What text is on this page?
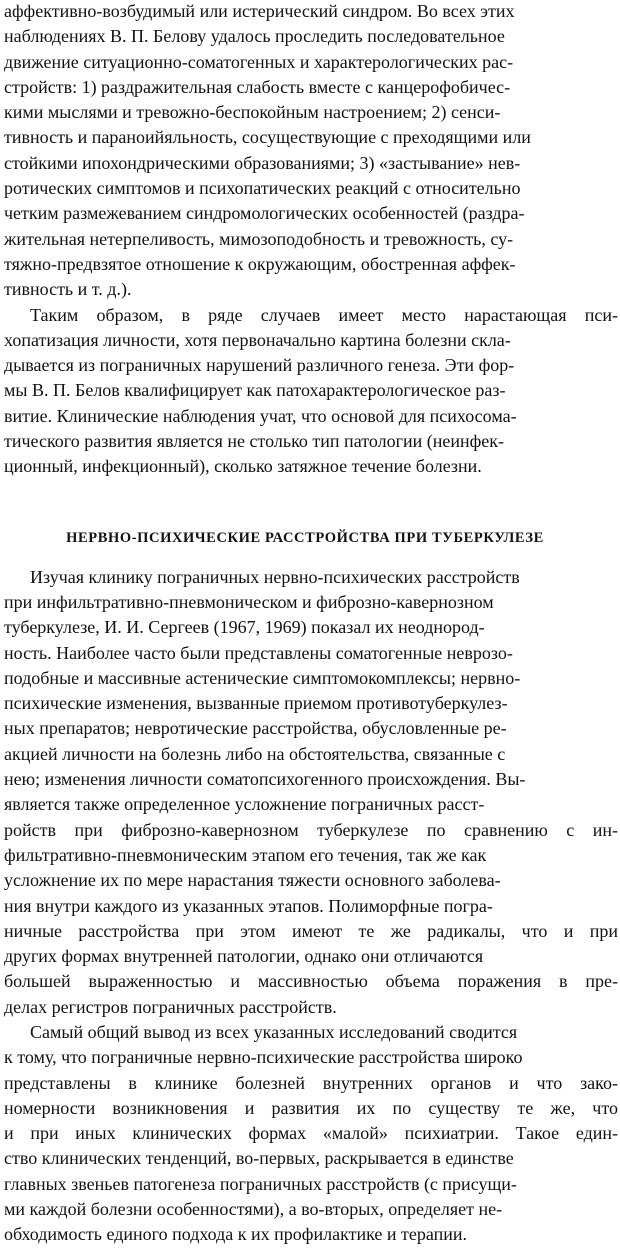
аффективно-возбудимый или истерический синдром. Во всех этих
наблюдениях В. П. Белову удалось проследить последовательное
движение ситуационно-соматогенных и характерологических рас-
стройств: 1) раздражительная слабость вместе с канцерофобичес-
кими мыслями и тревожно-беспокойным настроением; 2) сенси-
тивность и параноийяльность, сосуществующие с преходящими или
стойкими ипохондрическими образованиями; 3) «застывание» нев-
ротических симптомов и психопатических реакций с относительно
четким размежеванием синдромологических особенностей (раздра-
жительная нетерпеливость, мимозоподобность и тревожность, су-
тяжно-предвзятое отношение к окружающим, обостренная аффек-
тивность и т. д.).
Таким образом, в ряде случаев имеет место нарастающая пси-
хопатизация личности, хотя первоначально картина болезни скла-
дывается из пограничных нарушений различного генеза. Эти фор-
мы В. П. Белов квалифицирует как патохарактерологическое раз-
витие. Клинические наблюдения учат, что основой для психосома-
тического развития является не столько тип патологии (неинфек-
ционный, инфекционный), сколько затяжное течение болезни.
НЕРВНО-ПСИХИЧЕСКИЕ РАССТРОЙСТВА ПРИ ТУБЕРКУЛЕЗЕ
Изучая клинику пограничных нервно-психических расстройств
при инфильтративно-пневмоническом и фиброзно-кавернозном
туберкулезе, И. И. Сергеев (1967, 1969) показал их неоднород-
ность. Наиболее часто были представлены соматогенные неврозо-
подобные и массивные астенические симптомокомплексы; нервно-
психические изменения, вызванные приемом противотуберкулез-
ных препаратов; невротические расстройства, обусловленные ре-
акцией личности на болезнь либо на обстоятельства, связанные с
нею; изменения личности соматопсихогенного происхождения. Вы-
является также определенное усложнение пограничных расст-
ройств при фиброзно-кавернозном туберкулезе по сравнению с ин-
фильтративно-пневмоническим этапом его течения, так же как
усложнение их по мере нарастания тяжести основного заболева-
ния внутри каждого из указанных этапов. Полиморфные погра-
ничные расстройства при этом имеют те же радикалы, что и при
других формах внутренней патологии, однако они отличаются
большей выраженностью и массивностью объема поражения в пре-
делах регистров пограничных расстройств.
Самый общий вывод из всех указанных исследований сводится
к тому, что пограничные нервно-психические расстройства широко
представлены в клинике болезней внутренних органов и что зако-
номерности возникновения и развития их по существу те же, что
и при иных клинических формах «малой» психиатрии. Такое един-
ство клинических тенденций, во-первых, раскрывается в единстве
главных звеньев патогенеза пограничных расстройств (с присущи-
ми каждой болезни особенностями), а во-вторых, определяет не-
обходимость единого подхода к их профилактике и терапии.
